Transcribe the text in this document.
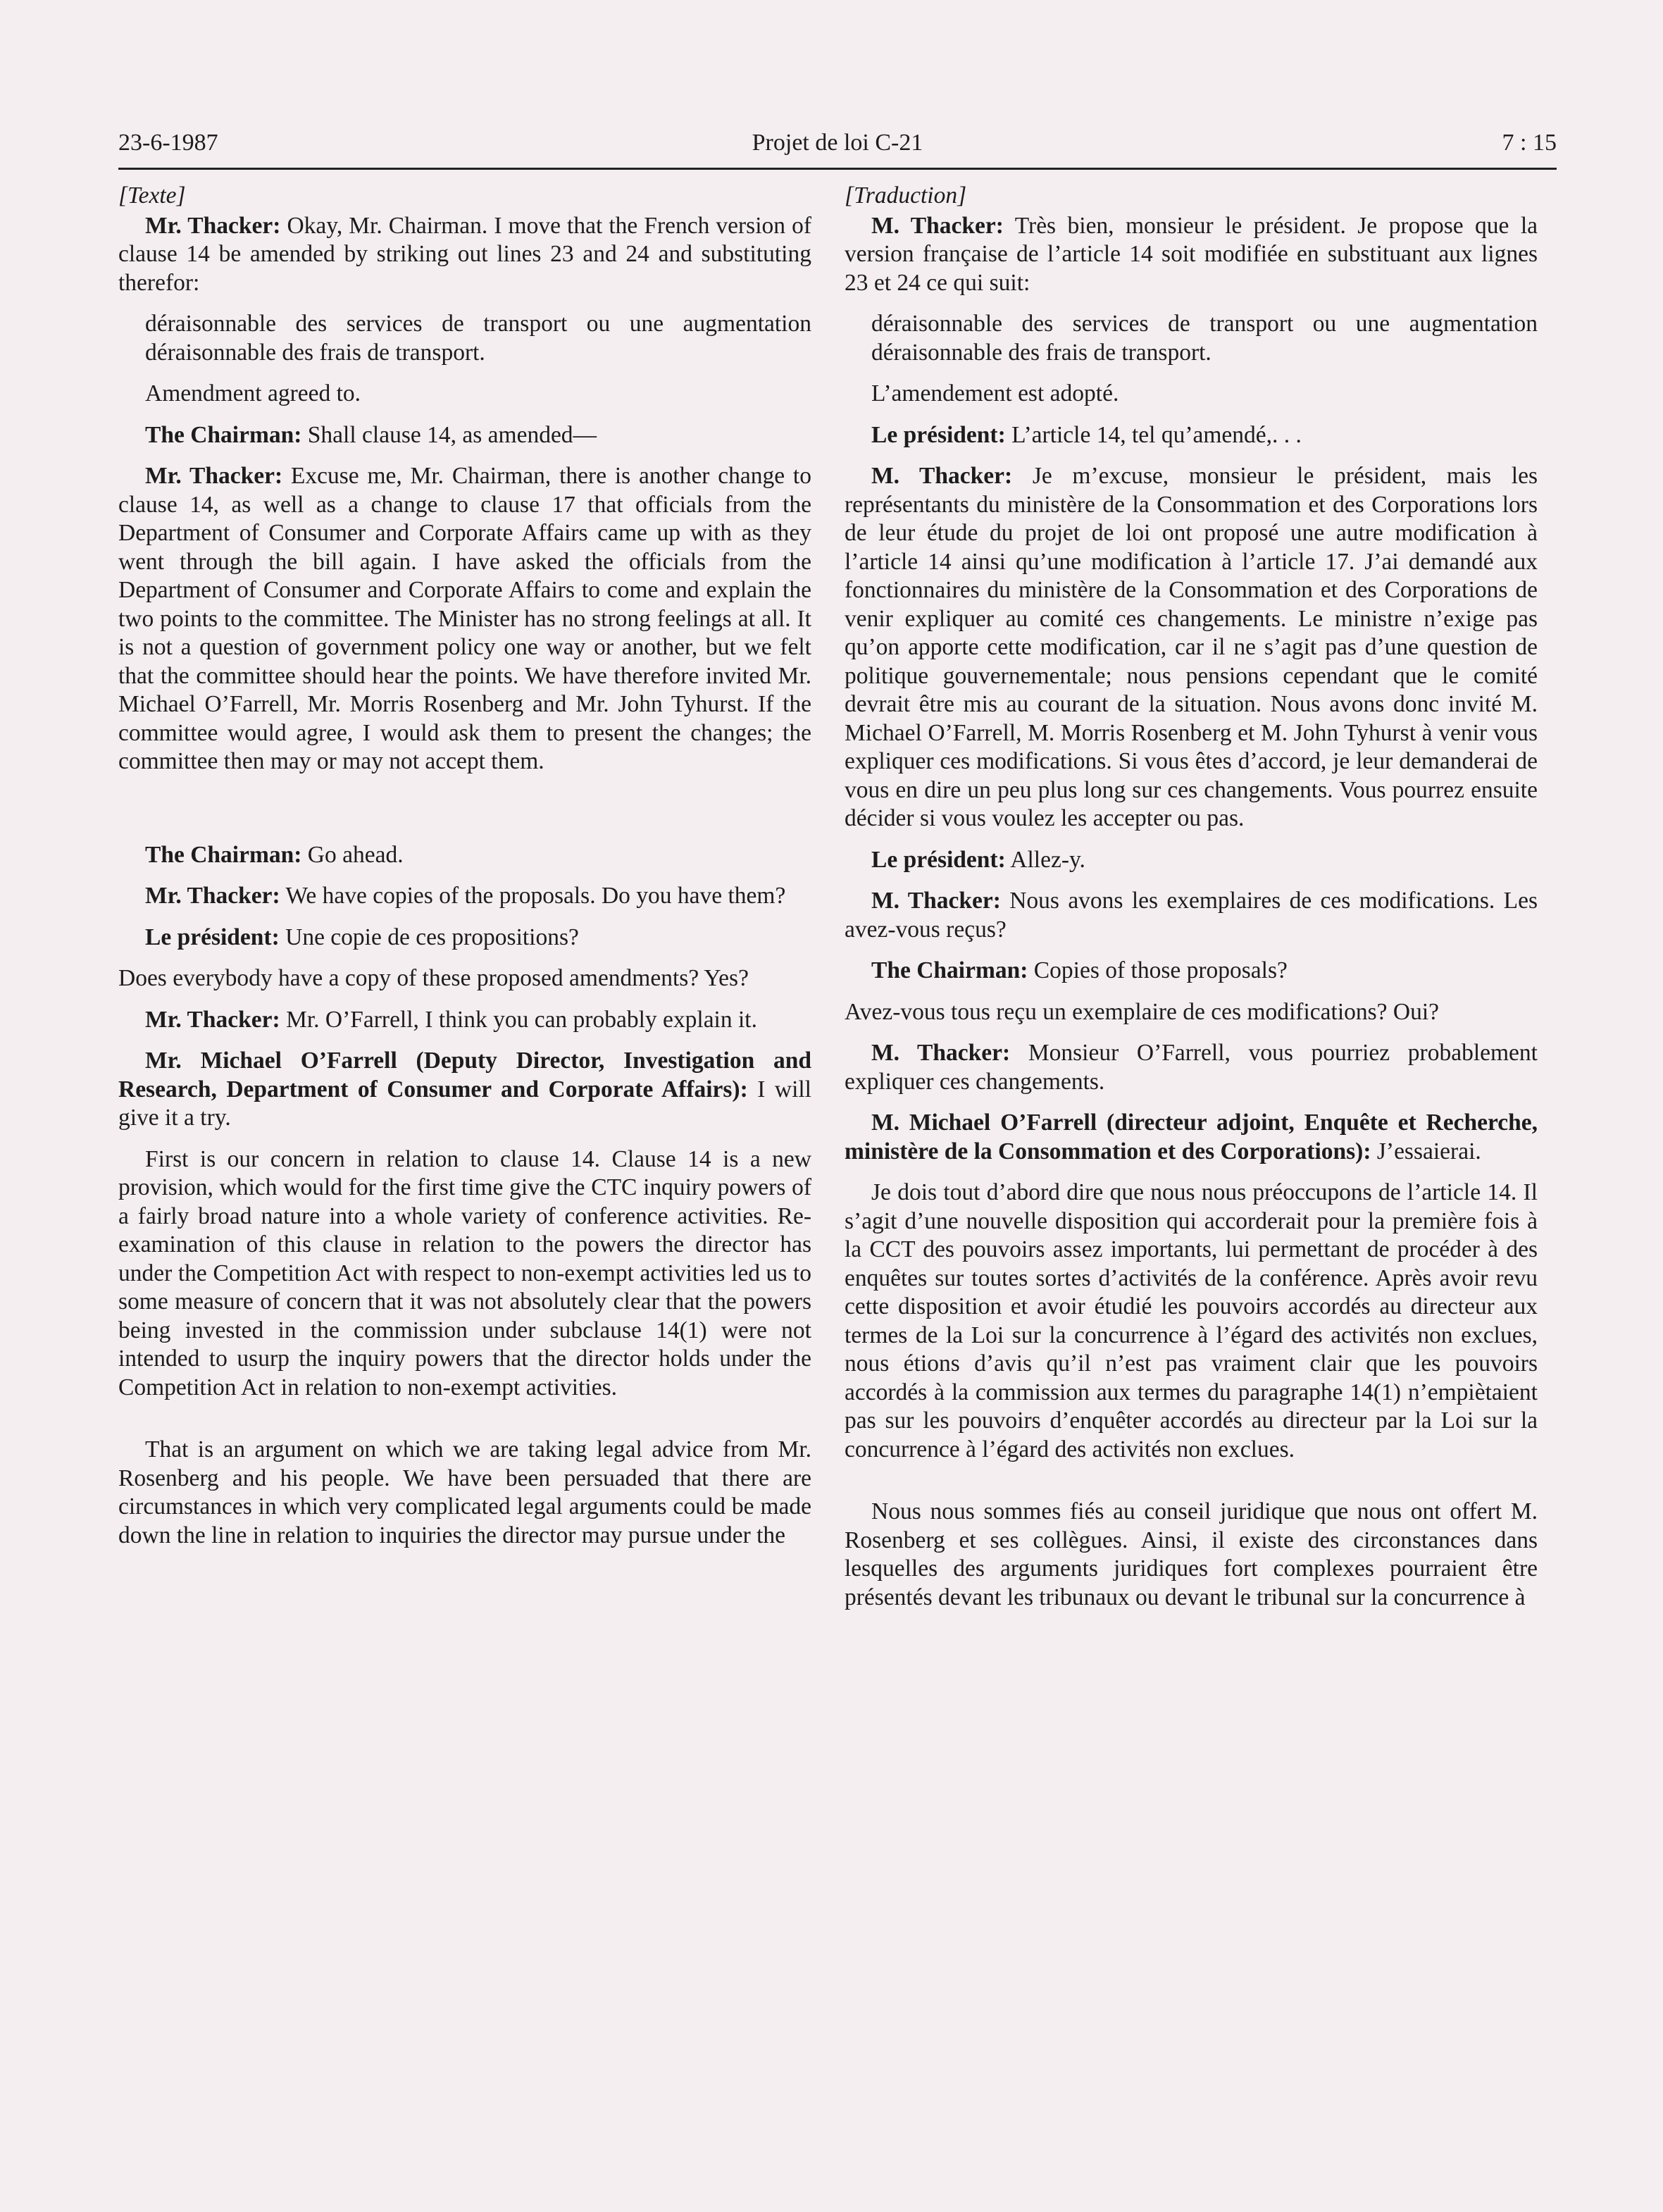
23-6-1987	Projet de loi C-21	7 : 15

[Texte]

Mr. Thacker: Okay, Mr. Chairman. I move that the French version of clause 14 be amended by striking out lines 23 and 24 and substituting therefor:

déraisonnable des services de transport ou une augmentation déraisonnable des frais de transport.

Amendment agreed to.

The Chairman: Shall clause 14, as amended—

Mr. Thacker: Excuse me, Mr. Chairman, there is another change to clause 14, as well as a change to clause 17 that officials from the Department of Consumer and Corporate Affairs came up with as they went through the bill again. I have asked the officials from the Department of Consumer and Corporate Affairs to come and explain the two points to the committee. The Minister has no strong feelings at all. It is not a question of government policy one way or another, but we felt that the committee should hear the points. We have therefore invited Mr. Michael O’Farrell, Mr. Morris Rosenberg and Mr. John Tyhurst. If the committee would agree, I would ask them to present the changes; the committee then may or may not accept them.

The Chairman: Go ahead.

Mr. Thacker: We have copies of the proposals. Do you have them?

Le président: Une copie de ces propositions?

Does everybody have a copy of these proposed amendments? Yes?

Mr. Thacker: Mr. O’Farrell, I think you can probably explain it.

Mr. Michael O’Farrell (Deputy Director, Investigation and Research, Department of Consumer and Corporate Affairs): I will give it a try.

First is our concern in relation to clause 14. Clause 14 is a new provision, which would for the first time give the CTC inquiry powers of a fairly broad nature into a whole variety of conference activities. Re-examination of this clause in relation to the powers the director has under the Competition Act with respect to non-exempt activities led us to some measure of concern that it was not absolutely clear that the powers being invested in the commission under subclause 14(1) were not intended to usurp the inquiry powers that the director holds under the Competition Act in relation to non-exempt activities.

That is an argument on which we are taking legal advice from Mr. Rosenberg and his people. We have been persuaded that there are circumstances in which very complicated legal arguments could be made down the line in relation to inquiries the director may pursue under the

[Traduction]

M. Thacker: Très bien, monsieur le président. Je propose que la version française de l’article 14 soit modifiée en substituant aux lignes 23 et 24 ce qui suit:

déraisonnable des services de transport ou une augmentation déraisonnable des frais de transport.

L’amendement est adopté.

Le président: L’article 14, tel qu’amendé,. . .

M. Thacker: Je m’excuse, monsieur le président, mais les représentants du ministère de la Consommation et des Corporations lors de leur étude du projet de loi ont proposé une autre modification à l’article 14 ainsi qu’une modification à l’article 17. J’ai demandé aux fonctionnaires du ministère de la Consommation et des Corporations de venir expliquer au comité ces changements. Le ministre n’exige pas qu’on apporte cette modification, car il ne s’agit pas d’une question de politique gouvernementale; nous pensions cependant que le comité devrait être mis au courant de la situation. Nous avons donc invité M. Michael O’Farrell, M. Morris Rosenberg et M. John Tyhurst à venir vous expliquer ces modifications. Si vous êtes d’accord, je leur demanderai de vous en dire un peu plus long sur ces changements. Vous pourrez ensuite décider si vous voulez les accepter ou pas.

Le président: Allez-y.

M. Thacker: Nous avons les exemplaires de ces modifications. Les avez-vous reçus?

The Chairman: Copies of those proposals?

Avez-vous tous reçu un exemplaire de ces modifications? Oui?

M. Thacker: Monsieur O’Farrell, vous pourriez probablement expliquer ces changements.

M. Michael O’Farrell (directeur adjoint, Enquête et Recherche, ministère de la Consommation et des Corporations): J’essaierai.

Je dois tout d’abord dire que nous nous préoccupons de l’article 14. Il s’agit d’une nouvelle disposition qui accorderait pour la première fois à la CCT des pouvoirs assez importants, lui permettant de procéder à des enquêtes sur toutes sortes d’activités de la conférence. Après avoir revu cette disposition et avoir étudié les pouvoirs accordés au directeur aux termes de la Loi sur la concurrence à l’égard des activités non exclues, nous étions d’avis qu’il n’est pas vraiment clair que les pouvoirs accordés à la commission aux termes du paragraphe 14(1) n’empiètaient pas sur les pouvoirs d’enquêter accordés au directeur par la Loi sur la concurrence à l’égard des activités non exclues.

Nous nous sommes fiés au conseil juridique que nous ont offert M. Rosenberg et ses collègues. Ainsi, il existe des circonstances dans lesquelles des arguments juridiques fort complexes pourraient être présentés devant les tribunaux ou devant le tribunal sur la concurrence à
